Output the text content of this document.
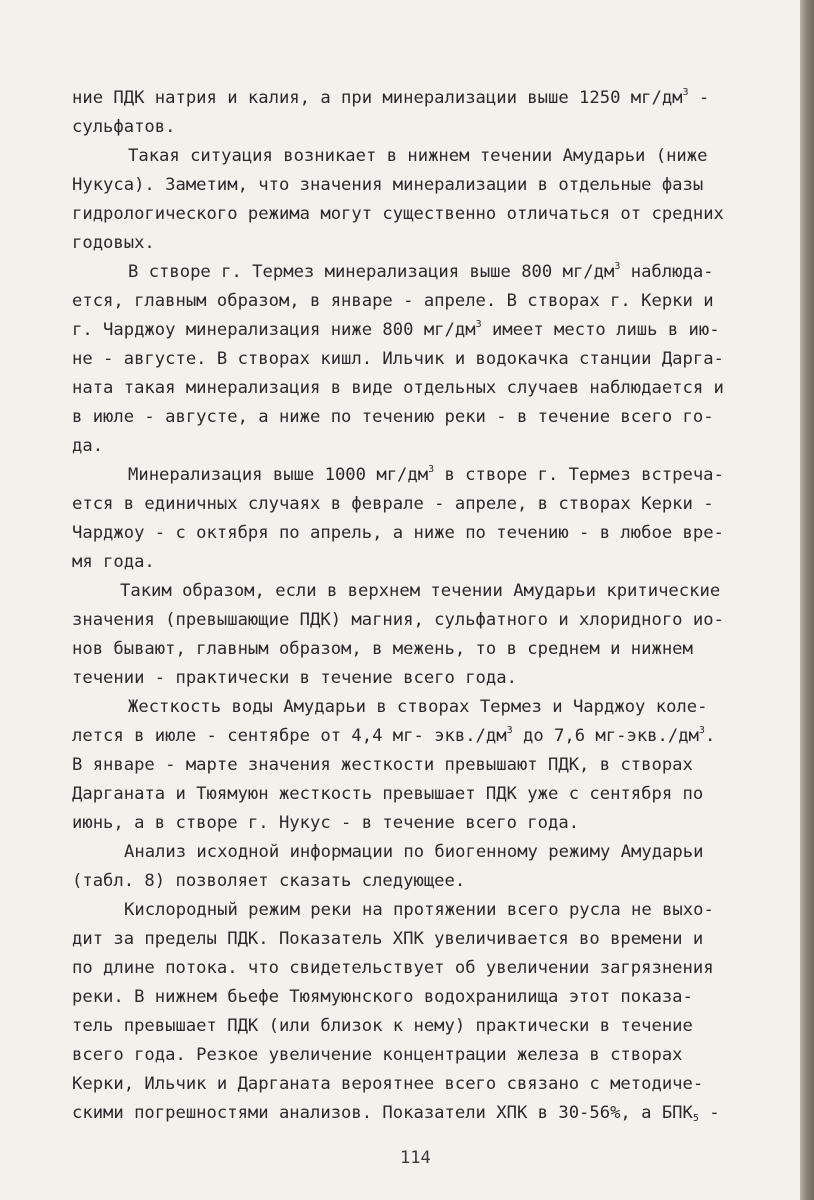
ние ПДК натрия и калия, а при минерализации выше 1250 $мг/дм^3$ -
сульфатов.
Такая ситуация возникает в нижнем течении Амударьи (ниже
Нукуса). Заметим, что значения минерализации в отдельные фазы
гидрологического режима могут существенно отличаться от средних
годовых.
В створе г. Термез минерализация выше 800 $мг/дм^3$ наблюда-
ется, главным образом, в январе - апреле. В створах г. Керки и
г. Чарджоу минерализация ниже 800 $мг/дм^3$ имеет место лишь в ию-
не - августе. В створах кишл. Ильчик и водокачка станции Дарга-
ната такая минерализация в виде отдельных случаев наблюдается и
в июле - августе, а ниже по течению реки - в течение всего го-
да.
Минерализация выше 1000 $мг/дм^3$ в створе г. Термез встреча-
ется в единичных случаях в феврале - апреле, в створах Керки -
Чарджоу - с октября по апрель, а ниже по течению - в любое вре-
мя года.
Таким образом, если в верхнем течении Амударьи критические
значения (превышающие ПДК) магния, сульфатного и хлоридного ио-
нов бывают, главным образом, в межень, то в среднем и нижнем
течении - практически в течение всего года.
Жесткость воды Амударьи в створах Термез и Чарджоу коле-
лется в июле - сентябре от 4,4 мг- $экв./дм^3$ до 7,6 $мг-экв./дм^3$.
В январе - марте значения жесткости превышают ПДК, в створах
Дарганата и Тюямуюн жесткость превышает ПДК уже с сентября по
июнь, а в створе г. Нукус - в течение всего года.
Анализ исходной информации по биогенному режиму Амударьи
(табл. 8) позволяет сказать следующее.
Кислородный режим реки на протяжении всего русла не выхо-
дит за пределы ПДК. Показатель ХПК увеличивается во времени и
по длине потока. что свидетельствует об увеличении загрязнения
реки. В нижнем бьефе Тюямуюнского водохранилища этот показа-
тель превышает ПДК (или близок к нему) практически в течение
всего года. Резкое увеличение концентрации железа в створах
Керки, Ильчик и Дарганата вероятнее всего связано с методиче-
скими погрешностями анализов. Показатели ХПК в 30-56%, а $БПК_5$ -
114
